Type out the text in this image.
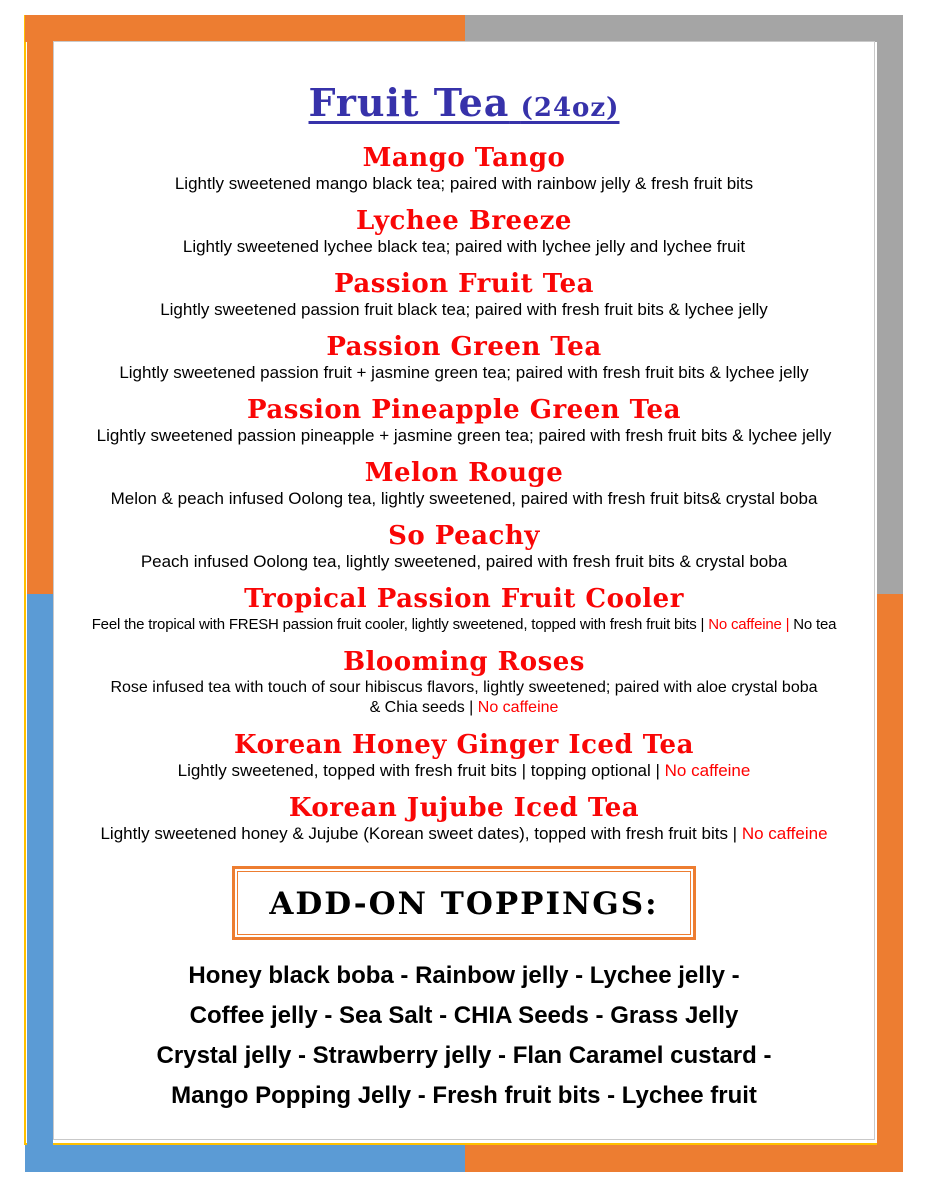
Fruit Tea (24oz)
Mango Tango

Lightly sweetened mango black tea; paired with rainbow jelly & fresh fruit bits

Lychee Breeze

Lightly sweetened lychee black tea; paired with lychee jelly and lychee fruit

Passion Fruit Tea

Lightly sweetened passion fruit black tea; paired with fresh fruit bits & lychee jelly

Passion Green Tea

Lightly sweetened passion fruit + jasmine green tea; paired with fresh fruit bits & lychee jelly

Passion Pineapple Green Tea

Lightly sweetened passion pineapple + jasmine green tea; paired with fresh fruit bits & lychee jelly

Melon Rouge

Melon & peach infused Oolong tea, lightly sweetened, paired with fresh fruit bits& crystal boba

So Peachy

Peach infused Oolong tea, lightly sweetened, paired with fresh fruit bits & crystal boba

Tropical Passion Fruit Cooler

Feel the tropical with FRESH passion fruit cooler, lightly sweetened, topped with fresh fruit bits | No caffeine | No tea

Blooming Roses

Rose infused tea with touch of sour hibiscus flavors, lightly sweetened; paired with aloe crystal boba
& Chia seeds | No caffeine

Korean Honey Ginger Iced Tea

Lightly sweetened, topped with fresh fruit bits | topping optional | No caffeine

Korean Jujube Iced Tea

Lightly sweetened honey & Jujube (Korean sweet dates), topped with fresh fruit bits | No caffeine

ADD-ON TOPPINGS:
Honey black boba - Rainbow jelly - Lychee jelly -
Coffee jelly - Sea Salt - CHIA Seeds - Grass Jelly
Crystal jelly - Strawberry jelly - Flan Caramel custard -
Mango Popping Jelly - Fresh fruit bits - Lychee fruit
